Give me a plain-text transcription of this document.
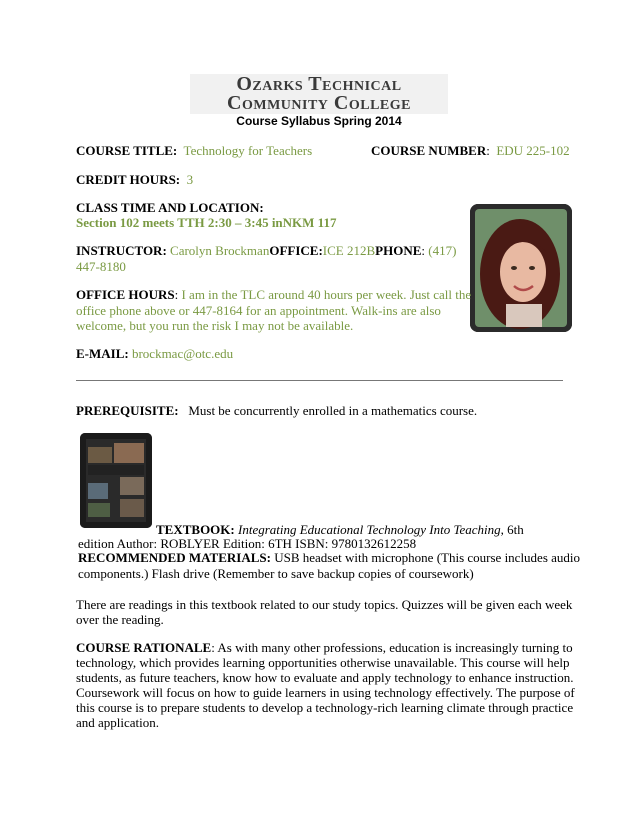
Ozarks Technical
Community College
Course Syllabus Spring 2014
COURSE TITLE: Technology for Teachers	COURSE NUMBER: EDU 225-102
CREDIT HOURS: 3
CLASS TIME AND LOCATION:
Section 102 meets TTH 2:30 – 3:45 inNKM 117
INSTRUCTOR: Carolyn BrockmanOFFICE:ICE 212BPHONE: (417)
447-8180
OFFICE HOURS: I am in the TLC around 40 hours per week. Just call the
office phone above or 447-8164 for an appointment. Walk-ins are also
welcome, but you run the risk I may not be available.
E-MAIL: brockmac@otc.edu
PREREQUISITE: Must be concurrently enrolled in a mathematics course.
TEXTBOOK: Integrating Educational Technology Into Teaching, 6th
edition Author: ROBLYER Edition: 6TH ISBN: 9780132612258
RECOMMENDED MATERIALS: USB headset with microphone (This course includes audio
components.) Flash drive (Remember to save backup copies of coursework)
There are readings in this textbook related to our study topics. Quizzes will be given each week
over the reading.
COURSE RATIONALE: As with many other professions, education is increasingly turning to
technology, which provides learning opportunities otherwise unavailable. This course will help
students, as future teachers, know how to evaluate and apply technology to enhance instruction.
Coursework will focus on how to guide learners in using technology effectively. The purpose of
this course is to prepare students to develop a technology-rich learning climate through practice
and application.
